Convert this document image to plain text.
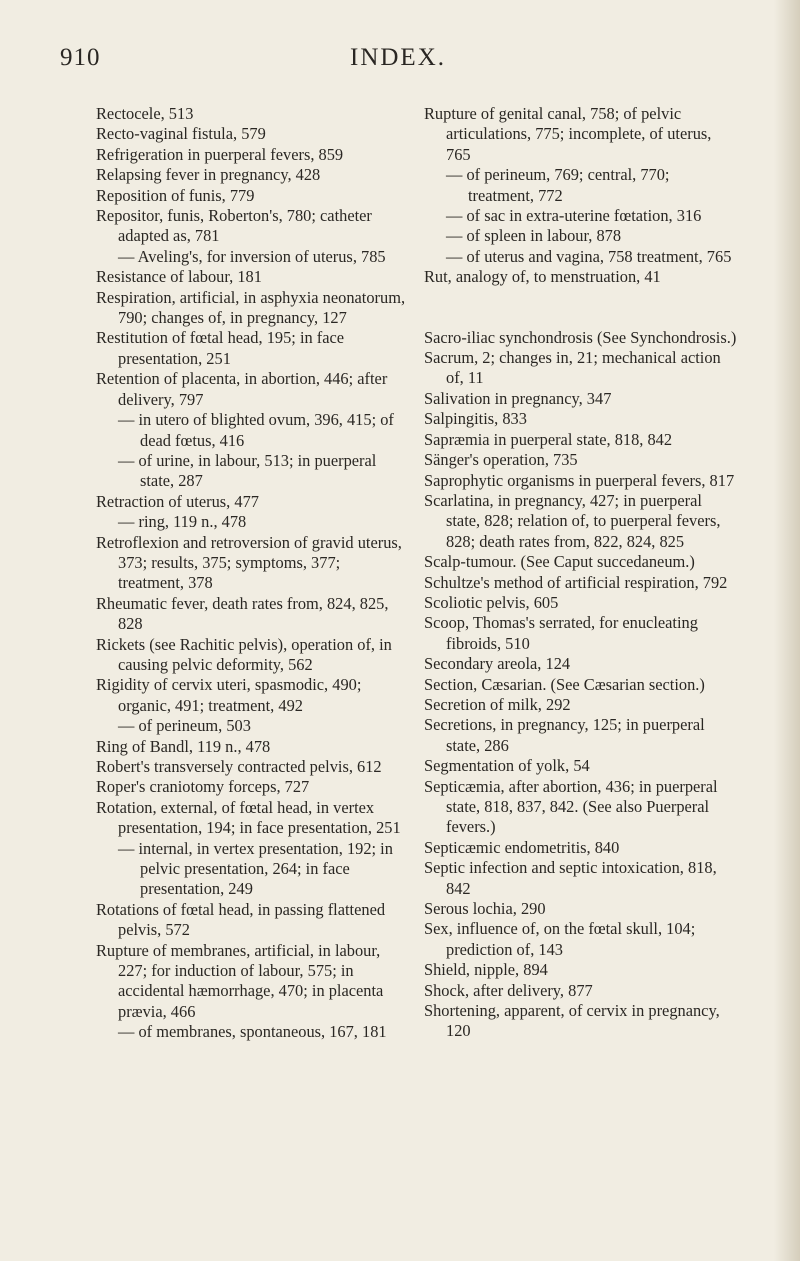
910	INDEX.

Rectocele, 513

Recto-vaginal fistula, 579

Refrigeration in puerperal fevers, 859

Relapsing fever in pregnancy, 428

Reposition of funis, 779

Repositor, funis, Roberton's, 780; catheter adapted as, 781

— Aveling's, for inversion of uterus, 785

Resistance of labour, 181

Respiration, artificial, in asphyxia neonatorum, 790; changes of, in pregnancy, 127

Restitution of fœtal head, 195; in face presentation, 251

Retention of placenta, in abortion, 446; after delivery, 797

— in utero of blighted ovum, 396, 415; of dead fœtus, 416

— of urine, in labour, 513; in puerperal state, 287

Retraction of uterus, 477

— ring, 119 n., 478

Retroflexion and retroversion of gravid uterus, 373; results, 375; symptoms, 377; treatment, 378

Rheumatic fever, death rates from, 824, 825, 828

Rickets (see Rachitic pelvis), operation of, in causing pelvic deformity, 562

Rigidity of cervix uteri, spasmodic, 490; organic, 491; treatment, 492

— of perineum, 503

Ring of Bandl, 119 n., 478

Robert's transversely contracted pelvis, 612

Roper's craniotomy forceps, 727

Rotation, external, of fœtal head, in vertex presentation, 194; in face presentation, 251

— internal, in vertex presentation, 192; in pelvic presentation, 264; in face presentation, 249

Rotations of fœtal head, in passing flattened pelvis, 572

Rupture of membranes, artificial, in labour, 227; for induction of labour, 575; in accidental hæmorrhage, 470; in placenta prævia, 466

— of membranes, spontaneous, 167, 181

Rupture of genital canal, 758; of pelvic articulations, 775; incomplete, of uterus, 765

— of perineum, 769; central, 770; treatment, 772

— of sac in extra-uterine fœtation, 316

— of spleen in labour, 878

— of uterus and vagina, 758 treatment, 765

Rut, analogy of, to menstruation, 41

Sacro-iliac synchondrosis (See Synchondrosis.)

Sacrum, 2; changes in, 21; mechanical action of, 11

Salivation in pregnancy, 347

Salpingitis, 833

Sapræmia in puerperal state, 818, 842

Sänger's operation, 735

Saprophytic organisms in puerperal fevers, 817

Scarlatina, in pregnancy, 427; in puerperal state, 828; relation of, to puerperal fevers, 828; death rates from, 822, 824, 825

Scalp-tumour. (See Caput succedaneum.)

Schultze's method of artificial respiration, 792

Scoliotic pelvis, 605

Scoop, Thomas's serrated, for enucleating fibroids, 510

Secondary areola, 124

Section, Cæsarian. (See Cæsarian section.)

Secretion of milk, 292

Secretions, in pregnancy, 125; in puerperal state, 286

Segmentation of yolk, 54

Septicæmia, after abortion, 436; in puerperal state, 818, 837, 842. (See also Puerperal fevers.)

Septicæmic endometritis, 840

Septic infection and septic intoxication, 818, 842

Serous lochia, 290

Sex, influence of, on the fœtal skull, 104; prediction of, 143

Shield, nipple, 894

Shock, after delivery, 877

Shortening, apparent, of cervix in pregnancy, 120
